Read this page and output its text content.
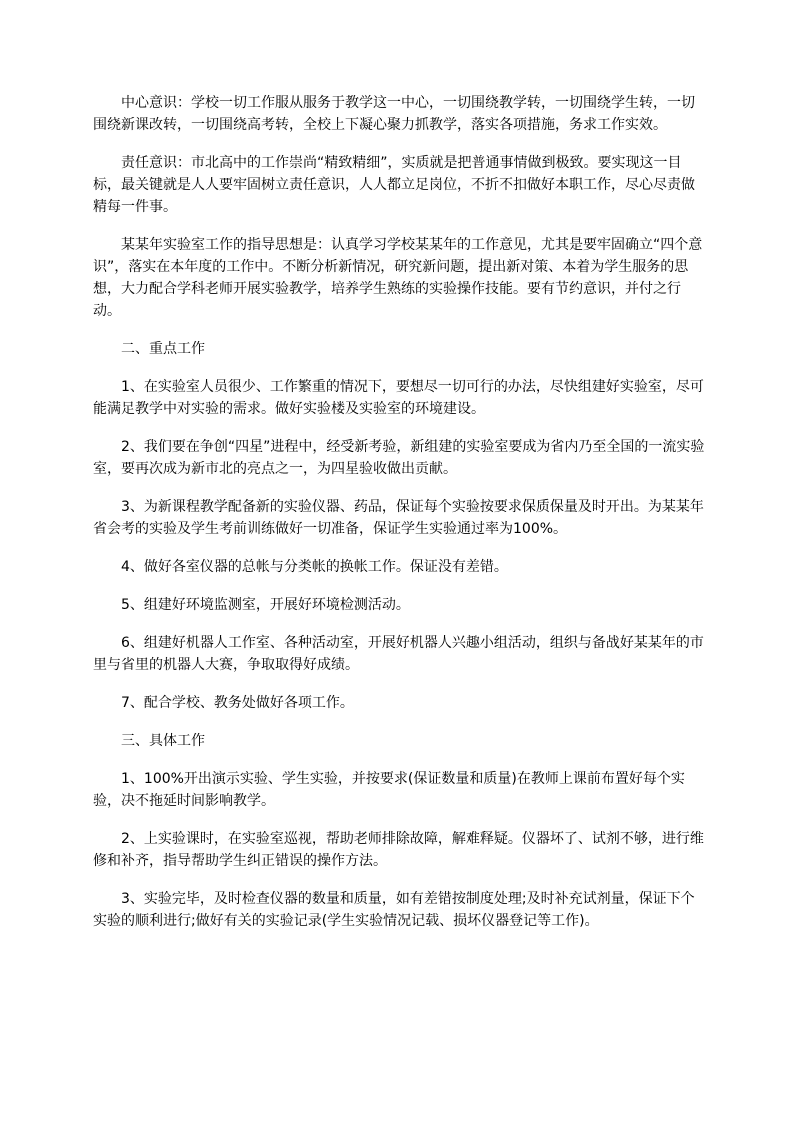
中心意识：学校一切工作服从服务于教学这一中心，一切围绕教学转，一切围绕学生转，一切围绕新课改转，一切围绕高考转，全校上下凝心聚力抓教学，落实各项措施，务求工作实效。

责任意识：市北高中的工作崇尚“精致精细”，实质就是把普通事情做到极致。要实现这一目标，最关键就是人人要牢固树立责任意识，人人都立足岗位，不折不扣做好本职工作，尽心尽责做精每一件事。

某某年实验室工作的指导思想是：认真学习学校某某年的工作意见，尤其是要牢固确立“四个意识”，落实在本年度的工作中。不断分析新情况，研究新问题，提出新对策、本着为学生服务的思想，大力配合学科老师开展实验教学，培养学生熟练的实验操作技能。要有节约意识，并付之行动。

二、重点工作

1、在实验室人员很少、工作繁重的情况下，要想尽一切可行的办法，尽快组建好实验室，尽可能满足教学中对实验的需求。做好实验楼及实验室的环境建设。

2、我们要在争创“四星”进程中，经受新考验，新组建的实验室要成为省内乃至全国的一流实验室，要再次成为新市北的亮点之一，为四星验收做出贡献。

3、为新课程教学配备新的实验仪器、药品，保证每个实验按要求保质保量及时开出。为某某年省会考的实验及学生考前训练做好一切准备，保证学生实验通过率为100%。

4、做好各室仪器的总帐与分类帐的换帐工作。保证没有差错。

5、组建好环境监测室，开展好环境检测活动。

6、组建好机器人工作室、各种活动室，开展好机器人兴趣小组活动，组织与备战好某某年的市里与省里的机器人大赛，争取取得好成绩。

7、配合学校、教务处做好各项工作。

三、具体工作

1、100%开出演示实验、学生实验，并按要求(保证数量和质量)在教师上课前布置好每个实验，决不拖延时间影响教学。

2、上实验课时，在实验室巡视，帮助老师排除故障，解难释疑。仪器坏了、试剂不够，进行维修和补齐，指导帮助学生纠正错误的操作方法。

3、实验完毕，及时检查仪器的数量和质量，如有差错按制度处理;及时补充试剂量，保证下个实验的顺利进行;做好有关的实验记录(学生实验情况记载、损坏仪器登记等工作)。
